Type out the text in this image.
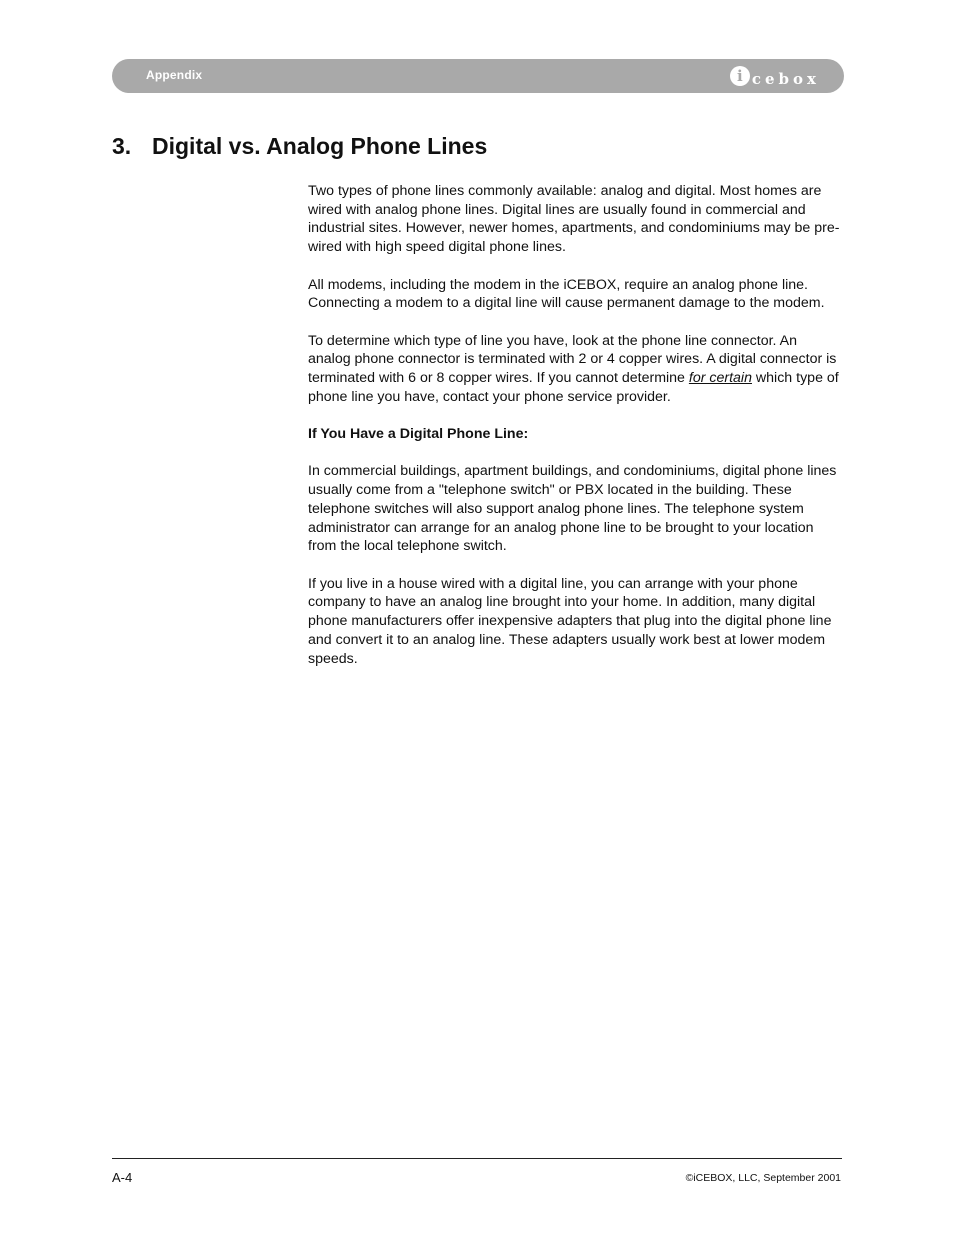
Appendix	i cebox
3. Digital vs. Analog Phone Lines

Two types of phone lines commonly available: analog and digital. Most homes are wired with analog phone lines. Digital lines are usually found in commercial and industrial sites. However, newer homes, apartments, and condominiums may be pre-wired with high speed digital phone lines.

All modems, including the modem in the iCEBOX, require an analog phone line. Connecting a modem to a digital line will cause permanent damage to the modem.

To determine which type of line you have, look at the phone line connector. An analog phone connector is terminated with 2 or 4 copper wires. A digital connector is terminated with 6 or 8 copper wires. If you cannot determine for certain which type of phone line you have, contact your phone service provider.

If You Have a Digital Phone Line:

In commercial buildings, apartment buildings, and condominiums, digital phone lines usually come from a "telephone switch" or PBX located in the building. These telephone switches will also support analog phone lines. The telephone system administrator can arrange for an analog phone line to be brought to your location from the local telephone switch.

If you live in a house wired with a digital line, you can arrange with your phone company to have an analog line brought into your home. In addition, many digital phone manufacturers offer inexpensive adapters that plug into the digital phone line and convert it to an analog line. These adapters usually work best at lower modem speeds.

A-4	©iCEBOX, LLC, September 2001
